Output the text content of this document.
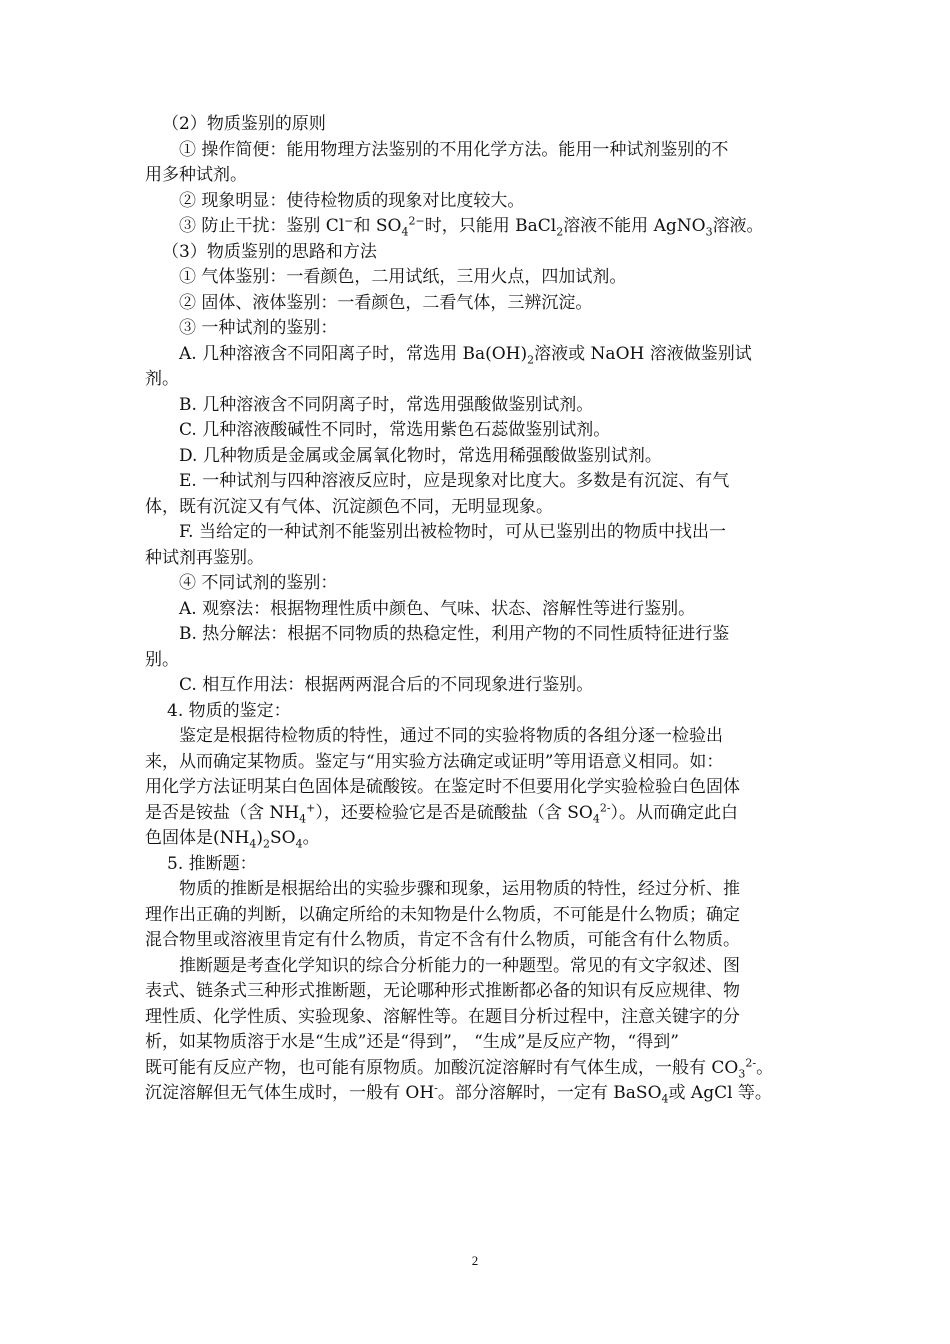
（2）物质鉴别的原则
① 操作简便：能用物理方法鉴别的不用化学方法。能用一种试剂鉴别的不
用多种试剂。
② 现象明显：使待检物质的现象对比度较大。
③ 防止干扰：鉴别 Cl−和 $SO_4^{2-}$时，只能用 BaCl$_2$溶液不能用 AgNO$_3$溶液。
（3）物质鉴别的思路和方法
① 气体鉴别：一看颜色，二用试纸，三用火点，四加试剂。
② 固体、液体鉴别：一看颜色，二看气体，三辨沉淀。
③ 一种试剂的鉴别：
A. 几种溶液含不同阳离子时，常选用 $Ba(OH)_2$溶液或 NaOH 溶液做鉴别试
剂。
B. 几种溶液含不同阴离子时，常选用强酸做鉴别试剂。
C. 几种溶液酸碱性不同时，常选用紫色石蕊做鉴别试剂。
D. 几种物质是金属或金属氧化物时，常选用稀强酸做鉴别试剂。
E. 一种试剂与四种溶液反应时，应是现象对比度大。多数是有沉淀、有气
体，既有沉淀又有气体、沉淀颜色不同，无明显现象。
F. 当给定的一种试剂不能鉴别出被检物时，可从已鉴别出的物质中找出一
种试剂再鉴别。
④ 不同试剂的鉴别：
A. 观察法：根据物理性质中颜色、气味、状态、溶解性等进行鉴别。
B. 热分解法：根据不同物质的热稳定性，利用产物的不同性质特征进行鉴
别。
C. 相互作用法：根据两两混合后的不同现象进行鉴别。
4. 物质的鉴定：
鉴定是根据待检物质的特性，通过不同的实验将物质的各组分逐一检验出
来，从而确定某物质。鉴定与“用实验方法确定或证明”等用语意义相同。如：
用化学方法证明某白色固体是硫酸铵。在鉴定时不但要用化学实验检验白色固体
是否是铵盐（含 $NH_4^+$），还要检验它是否是硫酸盐（含 $SO_4^{2-}$）。从而确定此白
色固体是$(NH_4)_2SO_4$。
5. 推断题：
物质的推断是根据给出的实验步骤和现象，运用物质的特性，经过分析、推
理作出正确的判断，以确定所给的未知物是什么物质，不可能是什么物质；确定
混合物里或溶液里肯定有什么物质，肯定不含有什么物质，可能含有什么物质。
推断题是考查化学知识的综合分析能力的一种题型。常见的有文字叙述、图
表式、链条式三种形式推断题，无论哪种形式推断都必备的知识有反应规律、物
理性质、化学性质、实验现象、溶解性等。在题目分析过程中，注意关键字的分
析，如某物质溶于水是“生成”还是“得到”， “生成”是反应产物，“得到”
既可能有反应产物，也可能有原物质。加酸沉淀溶解时有气体生成，一般有 $CO_3^{2-}$。
沉淀溶解但无气体生成时，一般有 OH-。部分溶解时，一定有 BaSO$_4$或 AgCl 等。
2
